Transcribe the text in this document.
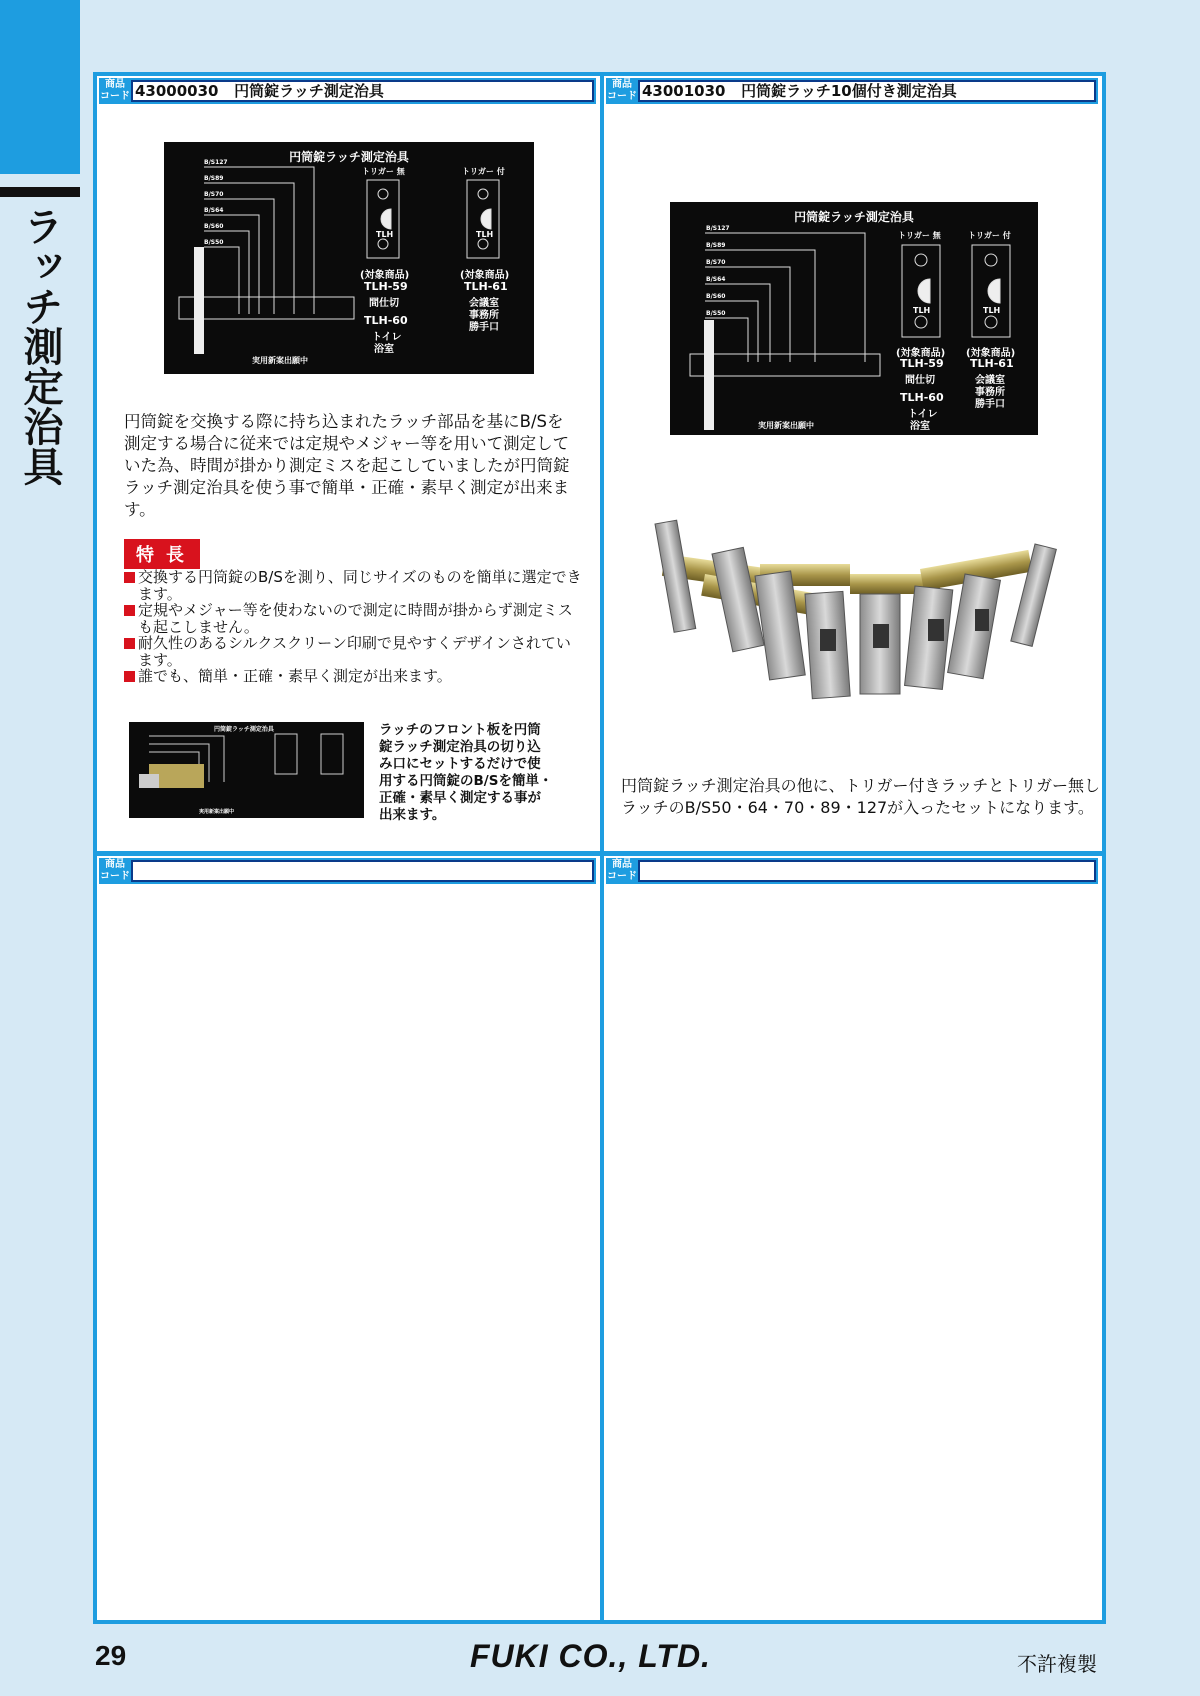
ラッチ測定治具
商品
コード 43000030 円筒錠ラッチ測定治具
円筒錠ラッチ測定治具
B/S127
B/S89
B/S70
B/S64
B/S60
B/S50
トリガー 無	トリガー 付
TLH	TLH
(対象商品)	(対象商品)
TLH-59	TLH-61
間仕切	会議室
事務所
勝手口
TLH-60
トイレ
浴室
実用新案出願中
円筒錠を交換する際に持ち込まれたラッチ部品を基にB/Sを測定する場合に従来では定規やメジャー等を用いて測定していた為、時間が掛かり測定ミスを起こしていましたが円筒錠ラッチ測定治具を使う事で簡単・正確・素早く測定が出来ます。
特長
交換する円筒錠のB/Sを測り、同じサイズのものを簡単に選定できます。
定規やメジャー等を使わないので測定に時間が掛からず測定ミスも起こしません。
耐久性のあるシルクスクリーン印刷で見やすくデザインされています。
誰でも、簡単・正確・素早く測定が出来ます。
円筒錠ラッチ測定治具
実用新案出願中
ラッチのフロント板を円筒錠ラッチ測定治具の切り込み口にセットするだけで使用する円筒錠のB/Sを簡単・正確・素早く測定する事が出来ます。
商品
コード 43001030 円筒錠ラッチ10個付き測定治具
円筒錠ラッチ測定治具
B/S127
B/S89
B/S70
B/S64
B/S60
B/S50
トリガー 無	トリガー 付
TLH	TLH
(対象商品) (対象商品)
TLH-59 TLH-61
間仕切	会議室
事務所
勝手口
TLH-60
トイレ
浴室
実用新案出願中
円筒錠ラッチ測定治具の他に、トリガー付きラッチとトリガー無しラッチのB/S50・64・70・89・127が入ったセットになります。
商品
コード
商品
コード
29	FUKI CO., LTD.	不許複製
